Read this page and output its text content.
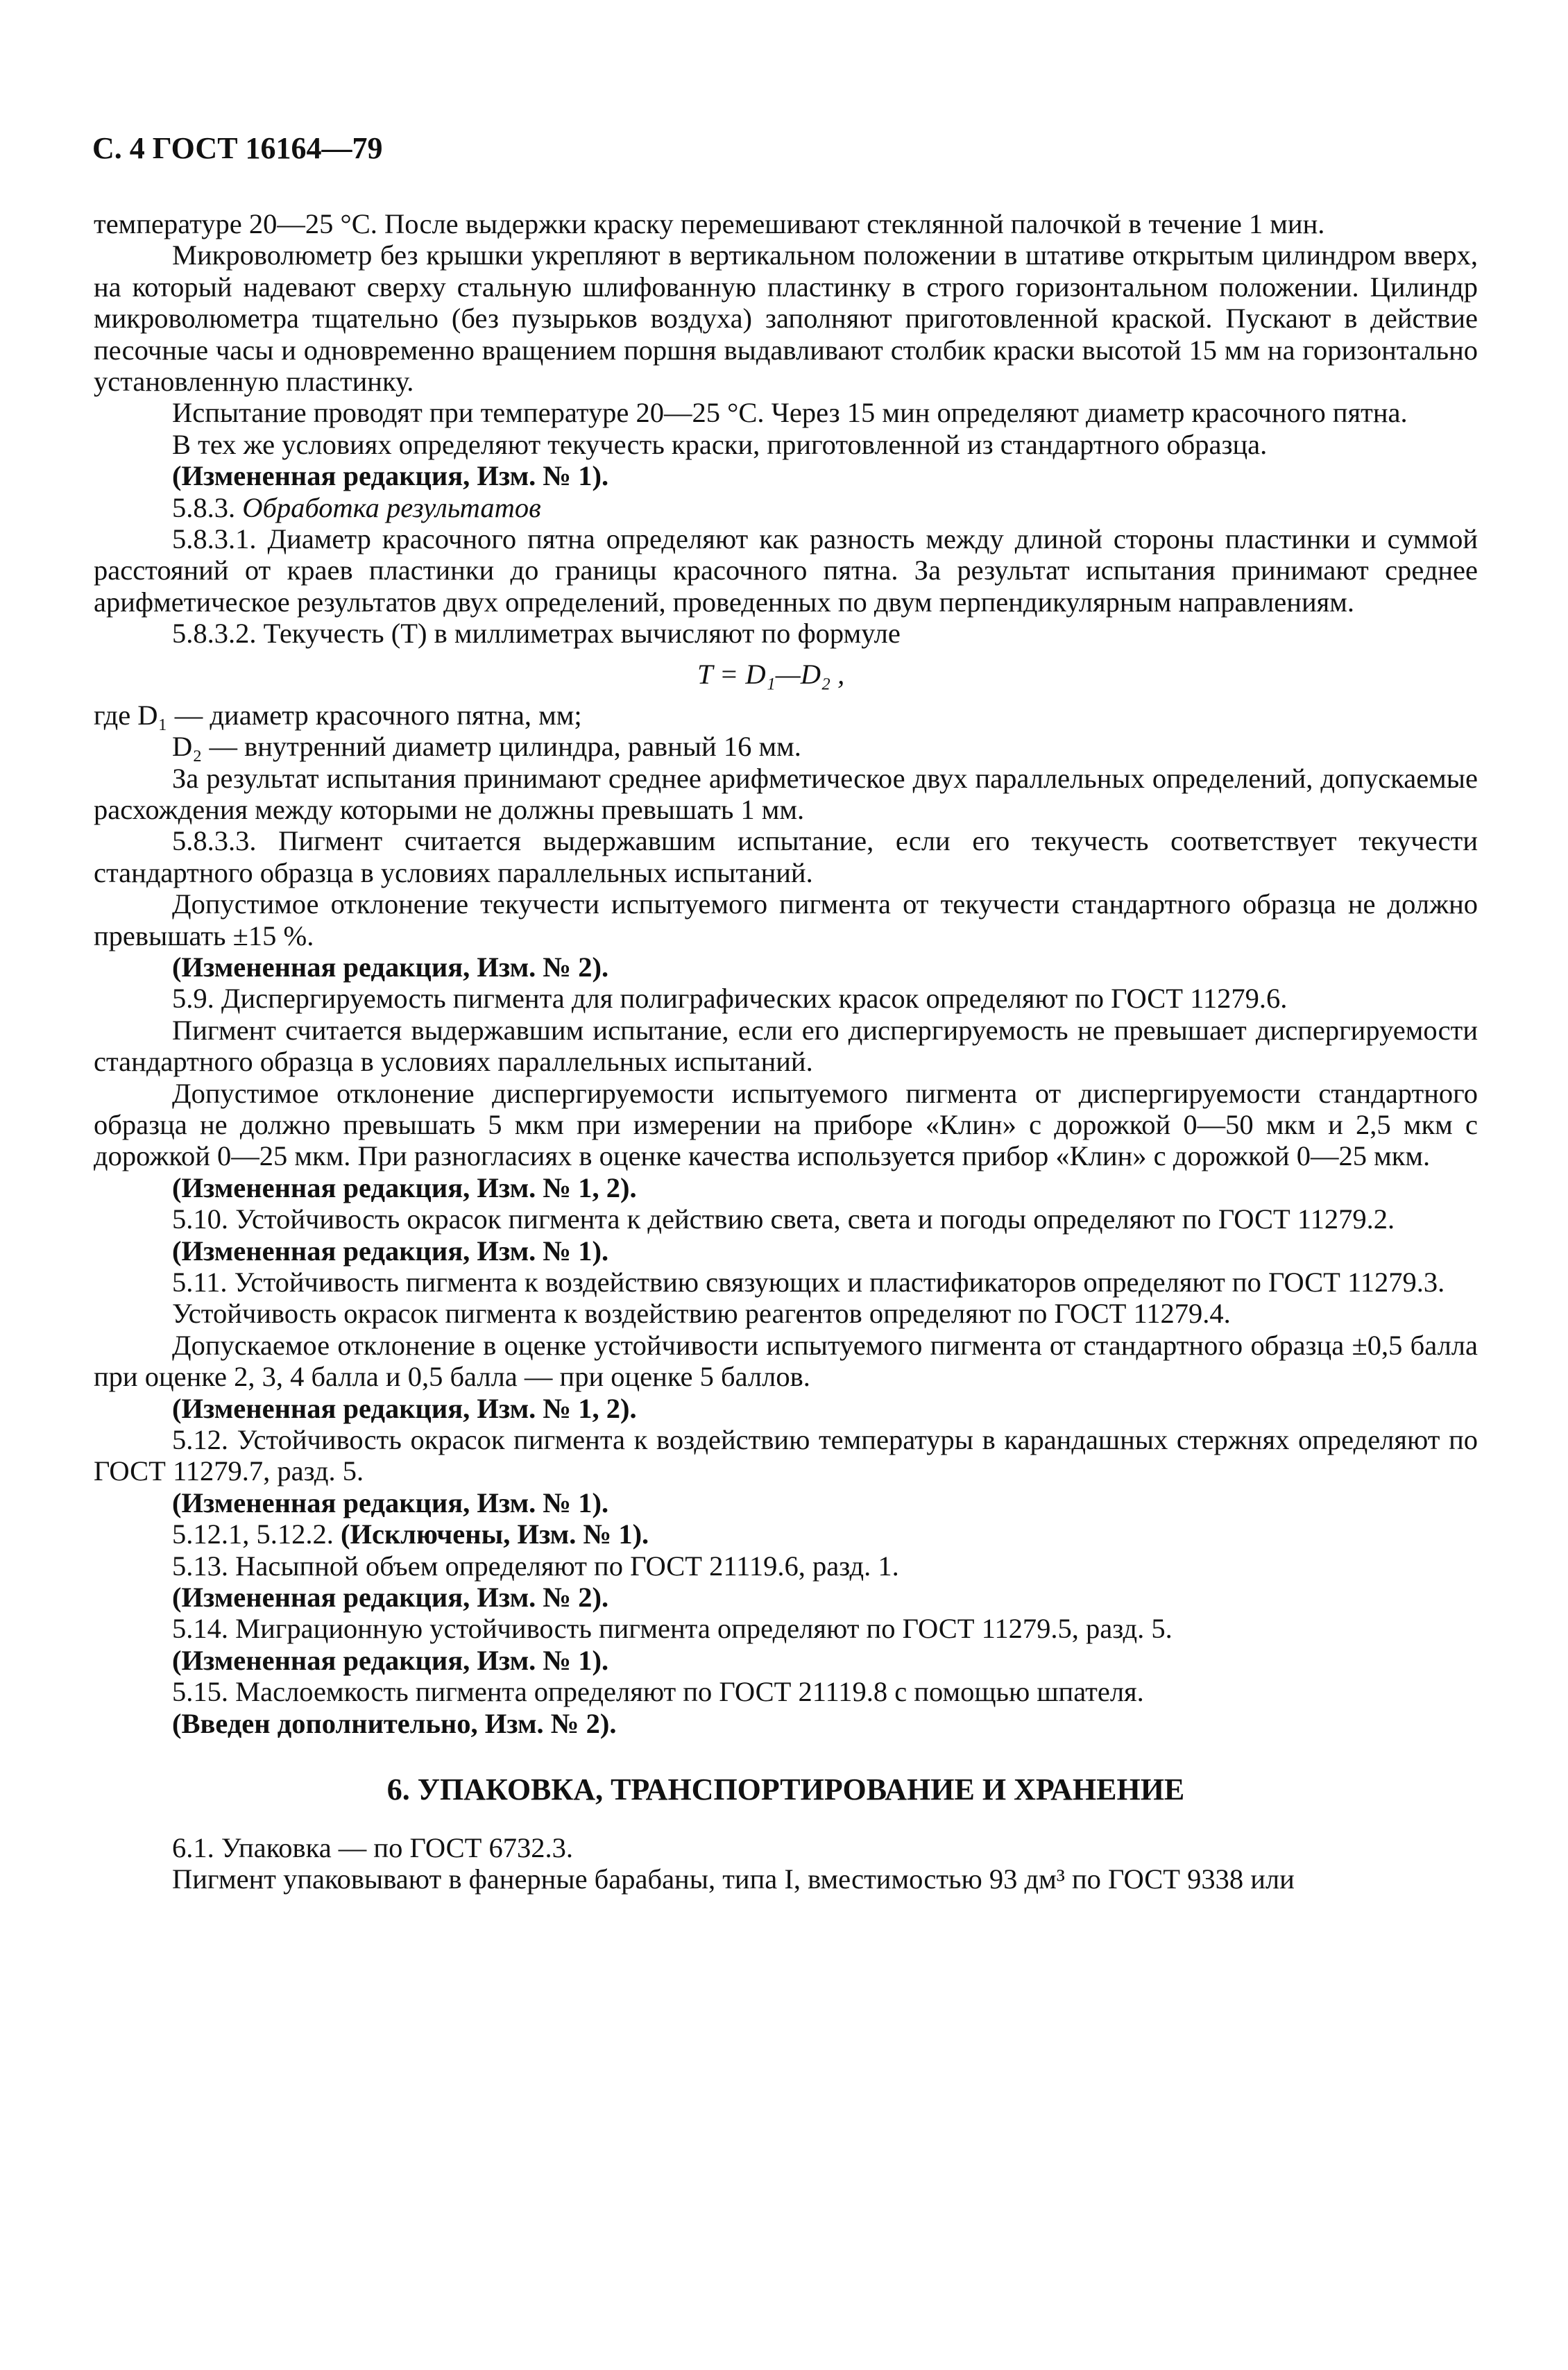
С. 4 ГОСТ 16164—79

температуре 20—25 °С. После выдержки краску перемешивают стеклянной палочкой в течение 1 мин.

Микроволюметр без крышки укрепляют в вертикальном положении в штативе открытым цилиндром вверх, на который надевают сверху стальную шлифованную пластинку в строго горизонтальном положении. Цилиндр микроволюметра тщательно (без пузырьков воздуха) заполняют приготовленной краской. Пускают в действие песочные часы и одновременно вращением поршня выдавливают столбик краски высотой 15 мм на горизонтально установленную пластинку.

Испытание проводят при температуре 20—25 °С. Через 15 мин определяют диаметр красочного пятна.

В тех же условиях определяют текучесть краски, приготовленной из стандартного образца.

(Измененная редакция, Изм. № 1).

5.8.3. Обработка результатов

5.8.3.1. Диаметр красочного пятна определяют как разность между длиной стороны пластинки и суммой расстояний от краев пластинки до границы красочного пятна. За результат испытания принимают среднее арифметическое результатов двух определений, проведенных по двум перпендикулярным направлениям.

5.8.3.2. Текучесть (T) в миллиметрах вычисляют по формуле

T = D₁—D₂ ,

где D₁ — диаметр красочного пятна, мм;

D₂ — внутренний диаметр цилиндра, равный 16 мм.

За результат испытания принимают среднее арифметическое двух параллельных определений, допускаемые расхождения между которыми не должны превышать 1 мм.

5.8.3.3. Пигмент считается выдержавшим испытание, если его текучесть соответствует текучести стандартного образца в условиях параллельных испытаний.

Допустимое отклонение текучести испытуемого пигмента от текучести стандартного образца не должно превышать ±15 %.

(Измененная редакция, Изм. № 2).

5.9. Диспергируемость пигмента для полиграфических красок определяют по ГОСТ 11279.6.

Пигмент считается выдержавшим испытание, если его диспергируемость не превышает диспергируемости стандартного образца в условиях параллельных испытаний.

Допустимое отклонение диспергируемости испытуемого пигмента от диспергируемости стандартного образца не должно превышать 5 мкм при измерении на приборе «Клин» с дорожкой 0—50 мкм и 2,5 мкм с дорожкой 0—25 мкм. При разногласиях в оценке качества используется прибор «Клин» с дорожкой 0—25 мкм.

(Измененная редакция, Изм. № 1, 2).

5.10. Устойчивость окрасок пигмента к действию света, света и погоды определяют по ГОСТ 11279.2.

(Измененная редакция, Изм. № 1).

5.11. Устойчивость пигмента к воздействию связующих и пластификаторов определяют по ГОСТ 11279.3.

Устойчивость окрасок пигмента к воздействию реагентов определяют по ГОСТ 11279.4.

Допускаемое отклонение в оценке устойчивости испытуемого пигмента от стандартного образца ±0,5 балла при оценке 2, 3, 4 балла и 0,5 балла — при оценке 5 баллов.

(Измененная редакция, Изм. № 1, 2).

5.12. Устойчивость окрасок пигмента к воздействию температуры в карандашных стержнях определяют по ГОСТ 11279.7, разд. 5.

(Измененная редакция, Изм. № 1).

5.12.1, 5.12.2. (Исключены, Изм. № 1).

5.13. Насыпной объем определяют по ГОСТ 21119.6, разд. 1.

(Измененная редакция, Изм. № 2).

5.14. Миграционную устойчивость пигмента определяют по ГОСТ 11279.5, разд. 5.

(Измененная редакция, Изм. № 1).

5.15. Маслоемкость пигмента определяют по ГОСТ 21119.8 с помощью шпателя.

(Введен дополнительно, Изм. № 2).

6. УПАКОВКА, ТРАНСПОРТИРОВАНИЕ И ХРАНЕНИЕ

6.1. Упаковка — по ГОСТ 6732.3.

Пигмент упаковывают в фанерные барабаны, типа I, вместимостью 93 дм³ по ГОСТ 9338 или
